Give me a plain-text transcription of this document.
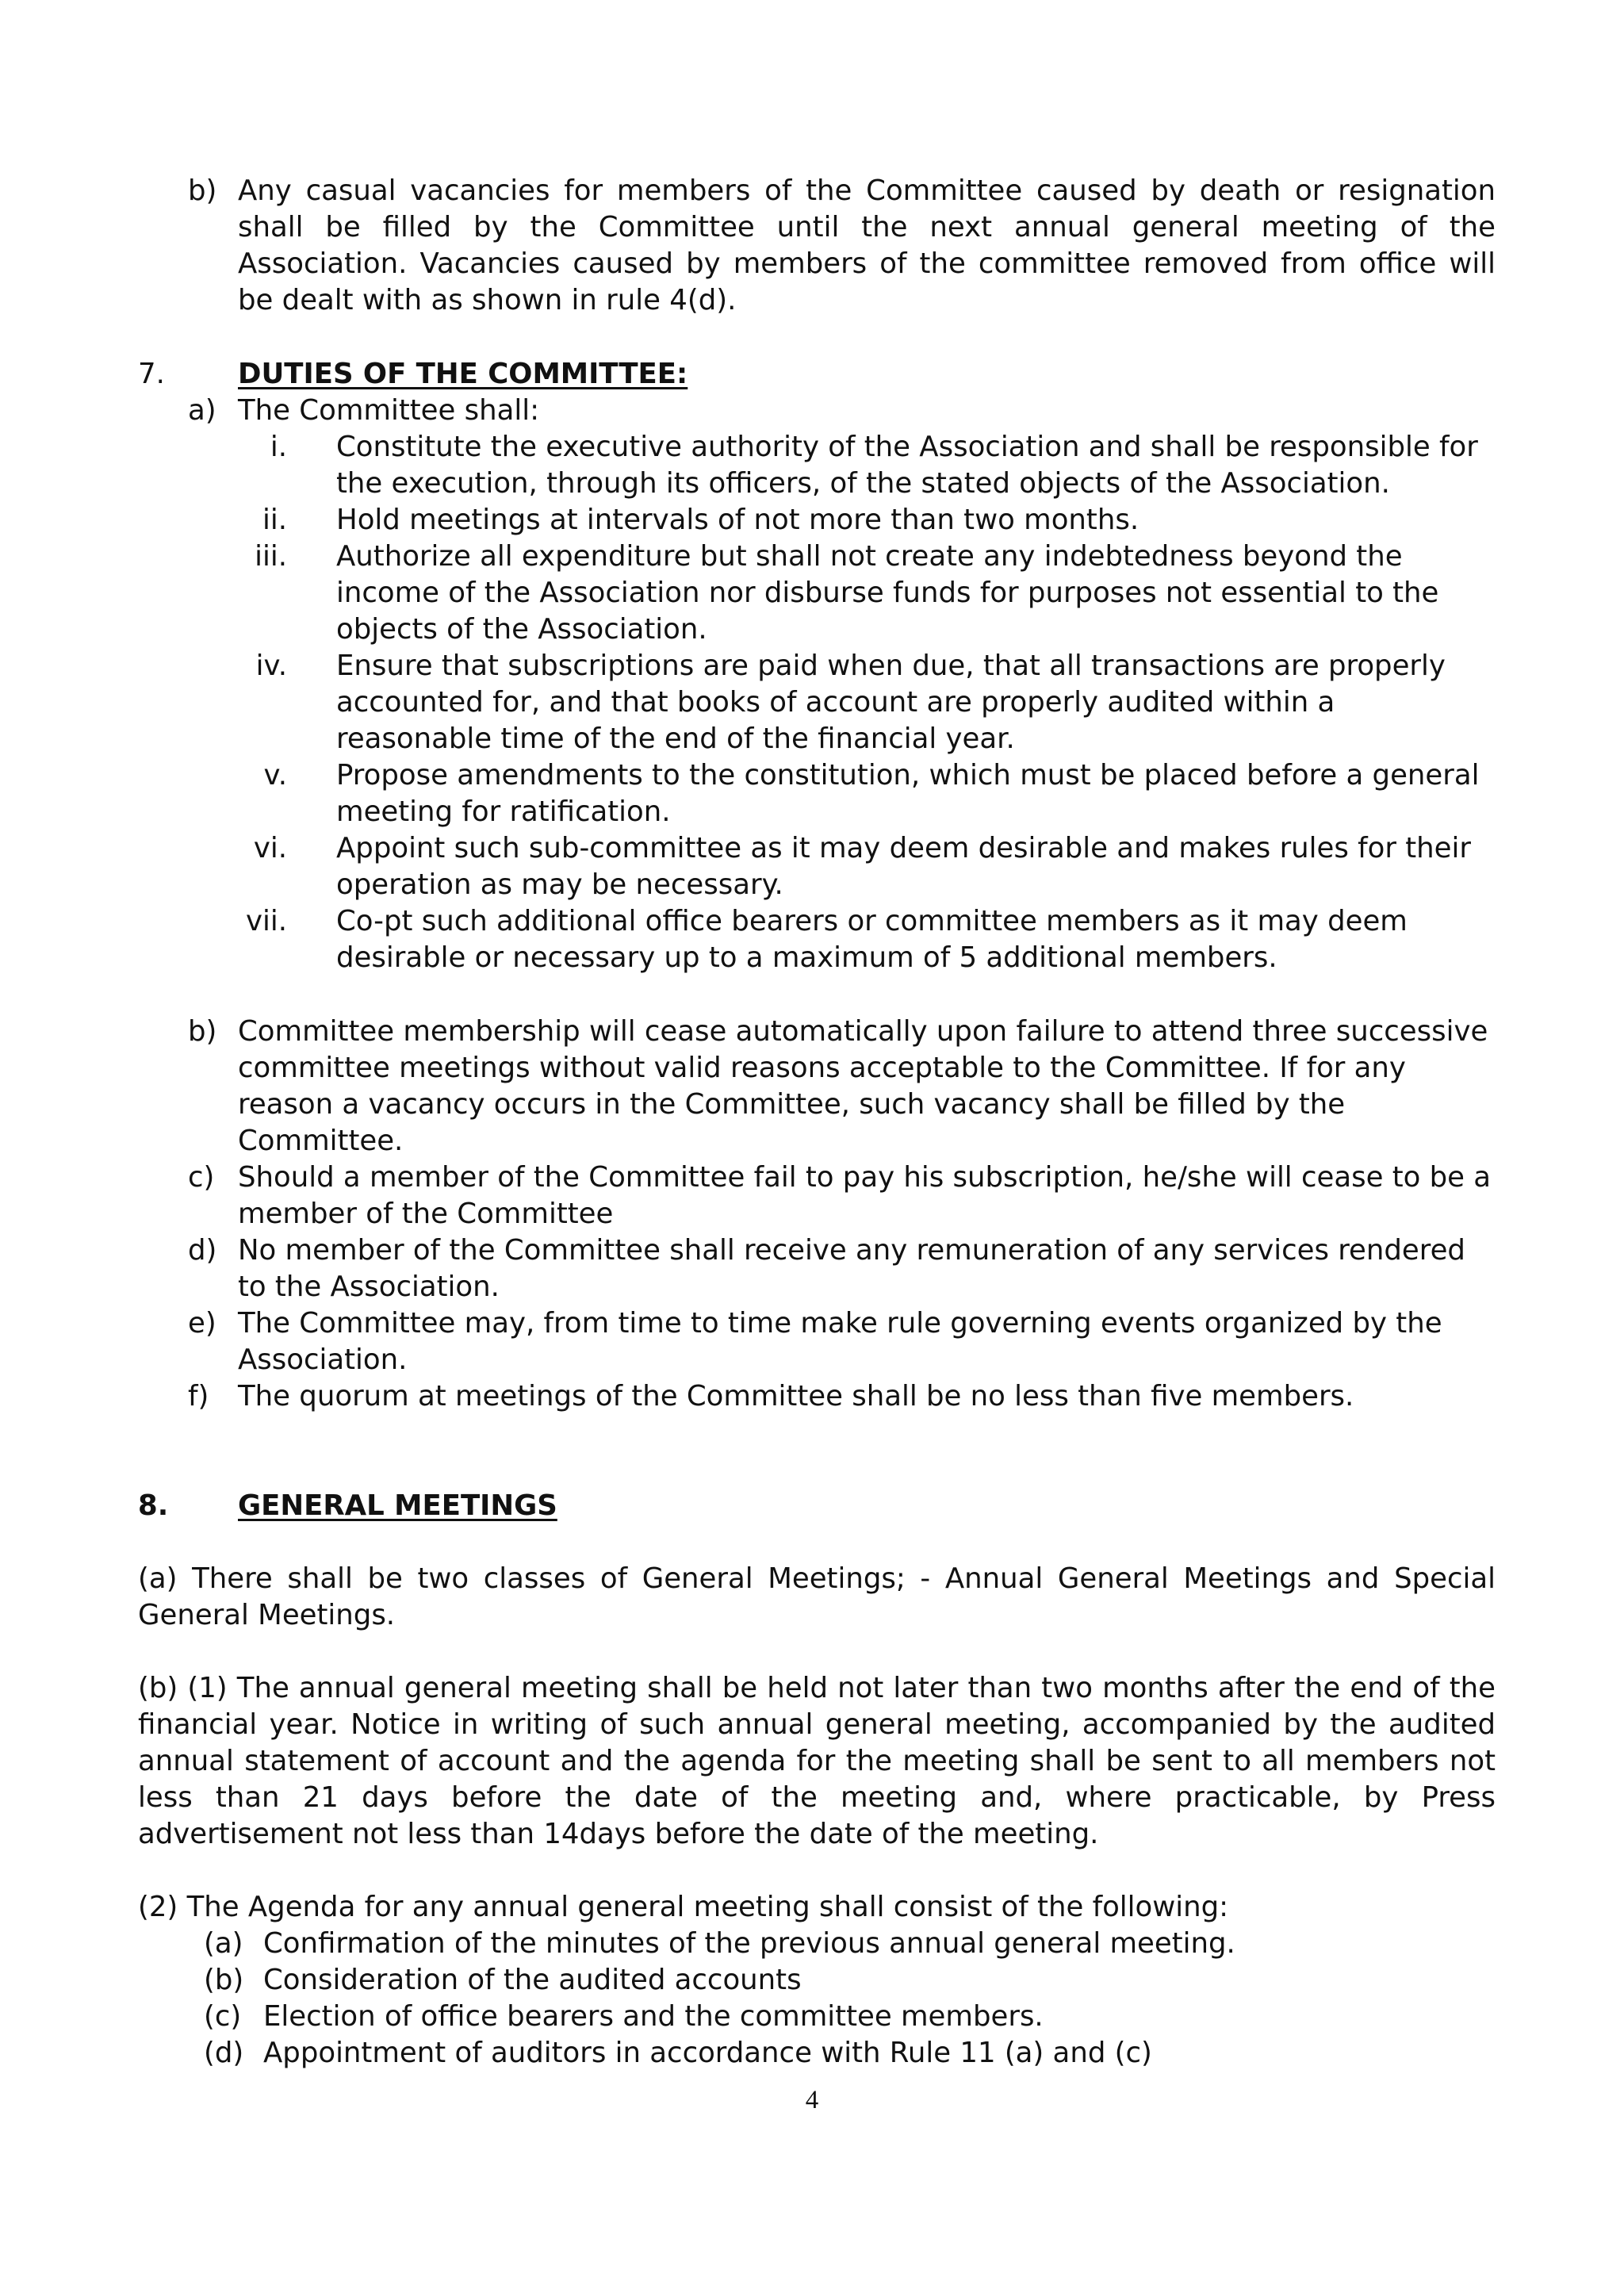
b) Any casual vacancies for members of the Committee caused by death or resignation shall be filled by the Committee until the next annual general meeting of the Association. Vacancies caused by members of the committee removed from office will be dealt with as shown in rule 4(d).
7.	DUTIES OF THE COMMITTEE:
a) The Committee shall:
i. Constitute the executive authority of the Association and shall be responsible for the execution, through its officers, of the stated objects of the Association.
ii. Hold meetings at intervals of not more than two months.
iii. Authorize all expenditure but shall not create any indebtedness beyond the income of the Association nor disburse funds for purposes not essential to the objects of the Association.
iv. Ensure that subscriptions are paid when due, that all transactions are properly accounted for, and that books of account are properly audited within a reasonable time of the end of the financial year.
v. Propose amendments to the constitution, which must be placed before a general meeting for ratification.
vi. Appoint such sub-committee as it may deem desirable and makes rules for their operation as may be necessary.
vii. Co-pt such additional office bearers or committee members as it may deem desirable or necessary up to a maximum of 5 additional members.
b) Committee membership will cease automatically upon failure to attend three successive committee meetings without valid reasons acceptable to the Committee. If for any reason a vacancy occurs in the Committee, such vacancy shall be filled by the Committee.
c) Should a member of the Committee fail to pay his subscription, he/she will cease to be a member of the Committee
d) No member of the Committee shall receive any remuneration of any services rendered to the Association.
e) The Committee may, from time to time make rule governing events organized by the Association.
f) The quorum at meetings of the Committee shall be no less than five members.
8. GENERAL MEETINGS
(a) There shall be two classes of General Meetings; - Annual General Meetings and Special General Meetings.
(b) (1) The annual general meeting shall be held not later than two months after the end of the financial year. Notice in writing of such annual general meeting, accompanied by the audited annual statement of account and the agenda for the meeting shall be sent to all members not less than 21 days before the date of the meeting and, where practicable, by Press advertisement not less than 14days before the date of the meeting.
(2) The Agenda for any annual general meeting shall consist of the following:
(a) Confirmation of the minutes of the previous annual general meeting.
(b) Consideration of the audited accounts
(c) Election of office bearers and the committee members.
(d) Appointment of auditors in accordance with Rule 11 (a) and (c)
4
